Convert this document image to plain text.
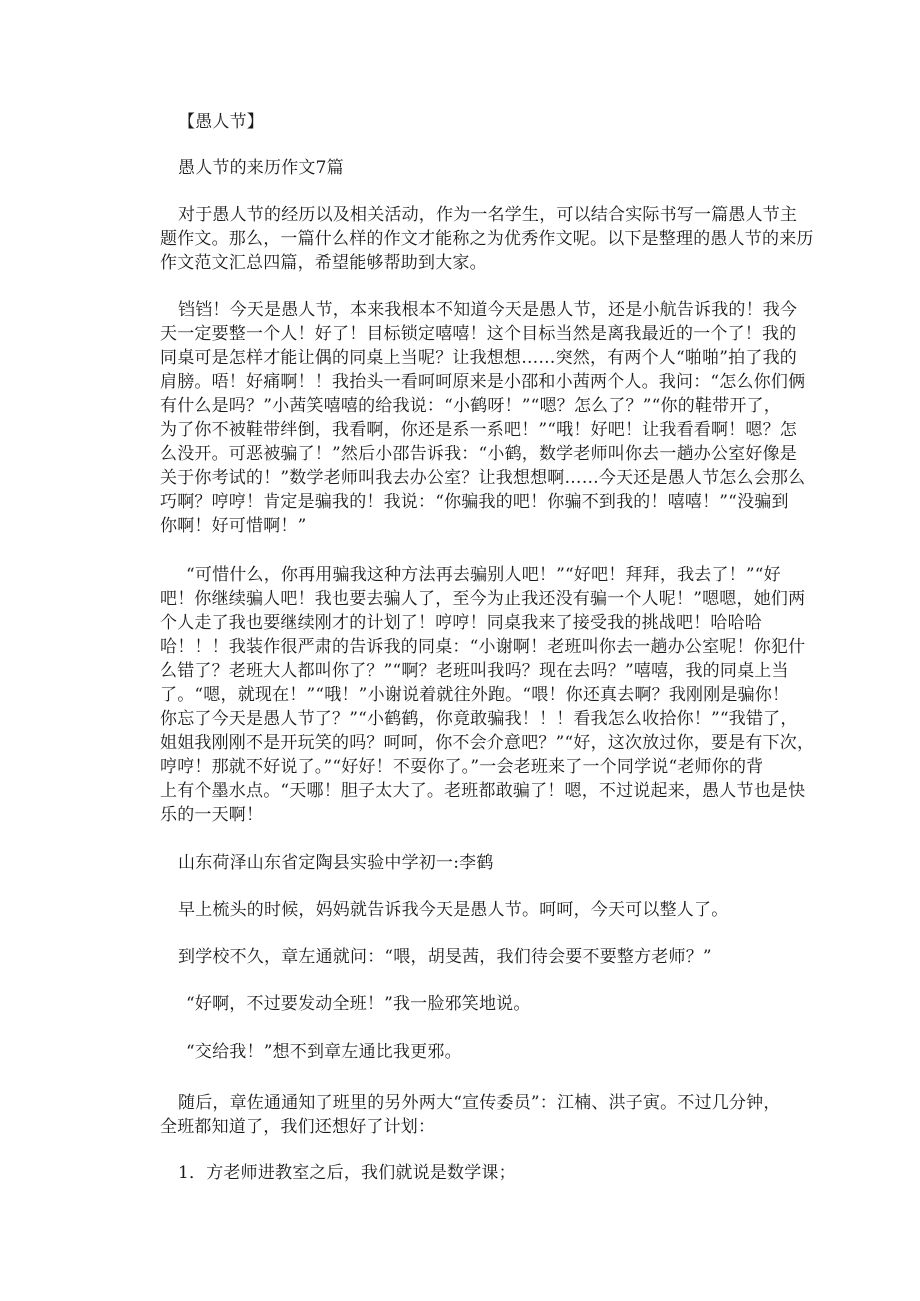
【愚人节】
愚人节的来历作文7篇
对于愚人节的经历以及相关活动，作为一名学生，可以结合实际书写一篇愚人节主
题作文。那么，一篇什么样的作文才能称之为优秀作文呢。以下是整理的愚人节的来历
作文范文汇总四篇，希望能够帮助到大家。
铛铛！今天是愚人节，本来我根本不知道今天是愚人节，还是小航告诉我的！我今
天一定要整一个人！好了！目标锁定嘻嘻！这个目标当然是离我最近的一个了！我的
同桌可是怎样才能让偶的同桌上当呢？让我想想……突然，有两个人“啪啪”拍了我的
肩膀。唔！好痛啊！！我抬头一看呵呵原来是小邵和小茜两个人。我问：“怎么你们俩
有什么是吗？”小茜笑嘻嘻的给我说：“小鹤呀！”“嗯？怎么了？”“你的鞋带开了，
为了你不被鞋带绊倒，我看啊，你还是系一系吧！”“哦！好吧！让我看看啊！嗯？怎
么没开。可恶被骗了！”然后小邵告诉我：“小鹤，数学老师叫你去一趟办公室好像是
关于你考试的！”数学老师叫我去办公室？让我想想啊……今天还是愚人节怎么会那么
巧啊？哼哼！肯定是骗我的！我说：“你骗我的吧！你骗不到我的！嘻嘻！”“没骗到
你啊！好可惜啊！”
“可惜什么，你再用骗我这种方法再去骗别人吧！”“好吧！拜拜，我去了！”“好
吧！你继续骗人吧！我也要去骗人了，至今为止我还没有骗一个人呢！”嗯嗯，她们两
个人走了我也要继续刚才的计划了！哼哼！同桌我来了接受我的挑战吧！哈哈哈
哈！！！我装作很严肃的告诉我的同桌：“小谢啊！老班叫你去一趟办公室呢！你犯什
么错了？老班大人都叫你了？”“啊？老班叫我吗？现在去吗？”嘻嘻，我的同桌上当
了。“嗯，就现在！”“哦！”小谢说着就往外跑。“喂！你还真去啊？我刚刚是骗你！
你忘了今天是愚人节了？”“小鹤鹤，你竟敢骗我！！！看我怎么收拾你！”“我错了，
姐姐我刚刚不是开玩笑的吗？呵呵，你不会介意吧？”“好，这次放过你，要是有下次，
哼哼！那就不好说了。”“好好！不耍你了。”一会老班来了一个同学说“老师你的背
上有个墨水点。“天哪！胆子太大了。老班都敢骗了！嗯，不过说起来，愚人节也是快
乐的一天啊！
山东荷泽山东省定陶县实验中学初一:李鹤
早上梳头的时候，妈妈就告诉我今天是愚人节。呵呵，今天可以整人了。
到学校不久，章左通就问：“喂，胡旻茜，我们待会要不要整方老师？”
“好啊，不过要发动全班！”我一脸邪笑地说。
“交给我！”想不到章左通比我更邪。
随后，章佐通通知了班里的另外两大“宣传委员”：江楠、洪子寅。不过几分钟，
全班都知道了，我们还想好了计划：
1．方老师进教室之后，我们就说是数学课；
